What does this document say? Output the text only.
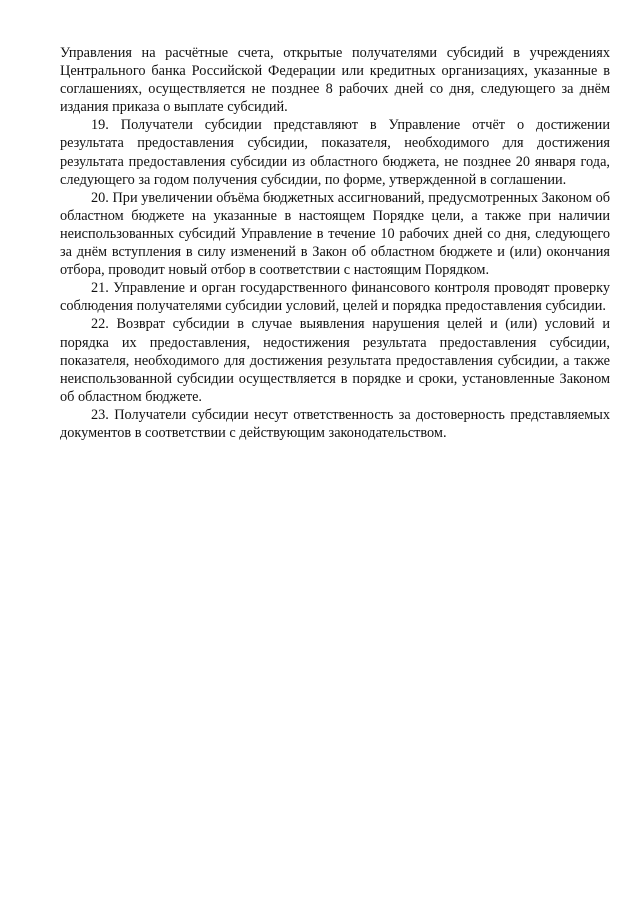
Управления на расчётные счета, открытые получателями субсидий в учреждениях Центрального банка Российской Федерации или кредитных организациях, указанные в соглашениях, осуществляется не позднее 8 рабочих дней со дня, следующего за днём издания приказа о выплате субсидий.

19. Получатели субсидии представляют в Управление отчёт о достижении результата предоставления субсидии, показателя, необходимого для достижения результата предоставления субсидии из областного бюджета, не позднее 20 января года, следующего за годом получения субсидии, по форме, утвержденной в соглашении.

20. При увеличении объёма бюджетных ассигнований, предусмотренных Законом об областном бюджете на указанные в настоящем Порядке цели, а также при наличии неиспользованных субсидий Управление в течение 10 рабочих дней со дня, следующего за днём вступления в силу изменений в Закон об областном бюджете и (или) окончания отбора, проводит новый отбор в соответствии с настоящим Порядком.

21. Управление и орган государственного финансового контроля проводят проверку соблюдения получателями субсидии условий, целей и порядка предоставления субсидии.

22. Возврат субсидии в случае выявления нарушения целей и (или) условий и порядка их предоставления, недостижения результата предоставления субсидии, показателя, необходимого для достижения результата предоставления субсидии, а также неиспользованной субсидии осуществляется в порядке и сроки, установленные Законом об областном бюджете.

23. Получатели субсидии несут ответственность за достоверность представляемых документов в соответствии с действующим законодательством.
